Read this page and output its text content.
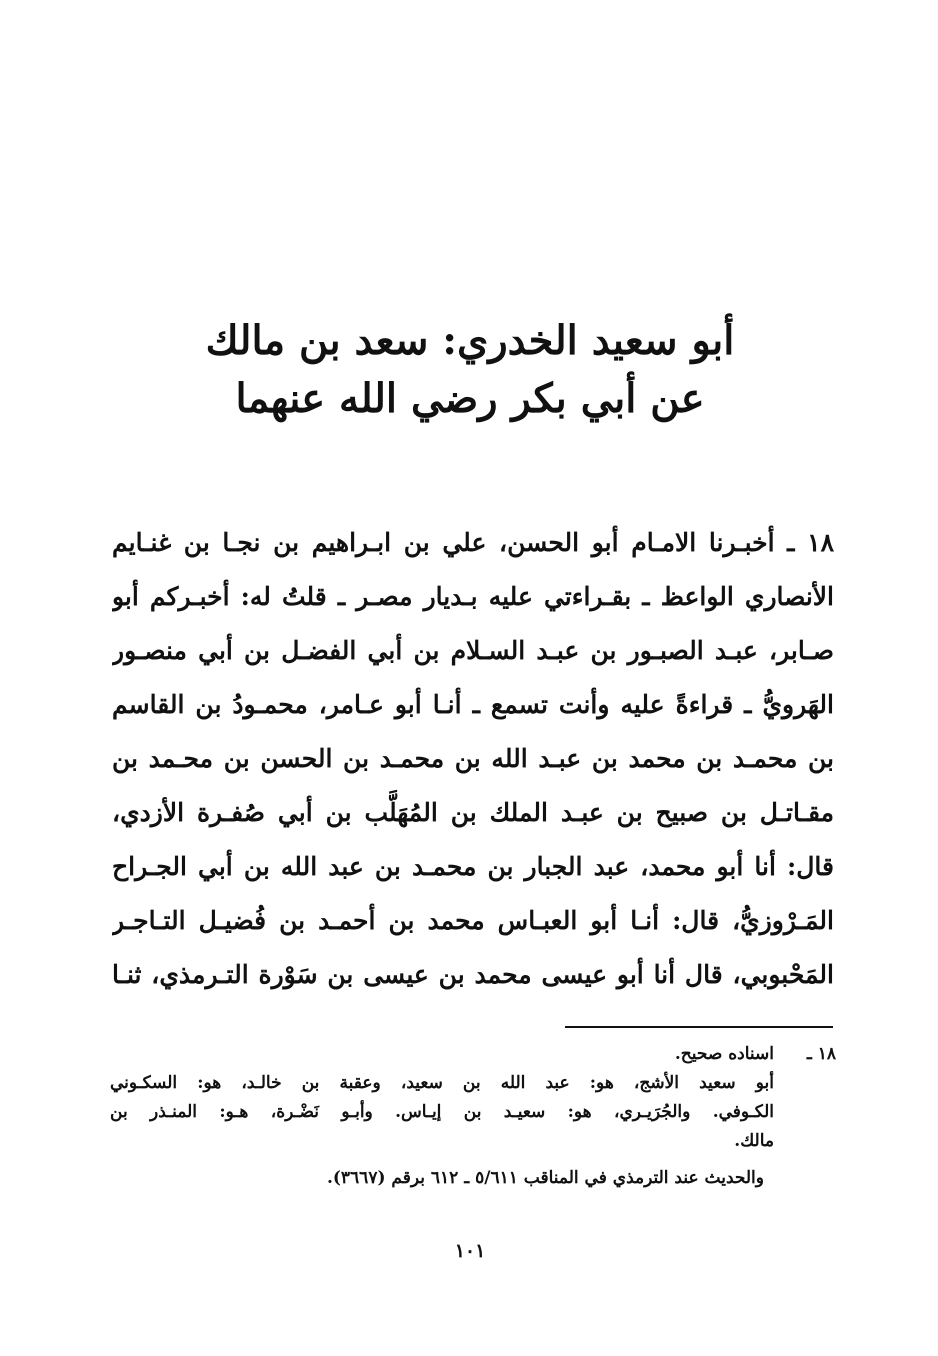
أبو سعيد الخدري: سعد بن مالك
عن أبي بكر رضي الله عنهما
١٨ ـ أخبـرنا الامـام أبو الحسن، علي بن ابـراهيم بن نجـا بن غنـايم
الأنصاري الواعظ ـ بقـراءتي عليه بـديار مصـر ـ قلتُ له: أخبـركم أبو
صـابر، عبـد الصبـور بن عبـد السـلام بن أبي الفضـل بن أبي منصـور
الهَرويُّ ـ قراءةً عليه وأنت تسمع ـ أنـا أبو عـامر، محمـودُ بن القاسم
بن محمـد بن محمد بن عبـد الله بن محمـد بن الحسن بن محـمد بن
مقـاتـل بن صبيح بن عبـد الملك بن المُهَلَّب بن أبي صُفـرة الأزدي،
قال: أنا أبو محمد، عبد الجبار بن محمـد بن عبد الله بن أبي الجـراح
المَـرْوزيُّ، قال: أنـا أبو العبـاس محمد بن أحمـد بن فُضيـل التـاجـر
المَحْبوبي، قال أنا أبو عيسى محمد بن عيسى بن سَوْرة التـرمذي، ثنـا
١٨ ـاسناده صحيح.
أبو سعيد الأشج، هو: عبد الله بن سعيد، وعقبة بن خالـد، هو: السكـوني
الكـوفي. والجُرَيـري، هو: سعيـد بن إيـاس. وأبـو نَضْـرة، هـو: المنـذر بن
مالك.
والحديث عند الترمذي في المناقب ٥/٦١١ ـ ٦١٢ برقم (٣٦٦٧).
١٠١
